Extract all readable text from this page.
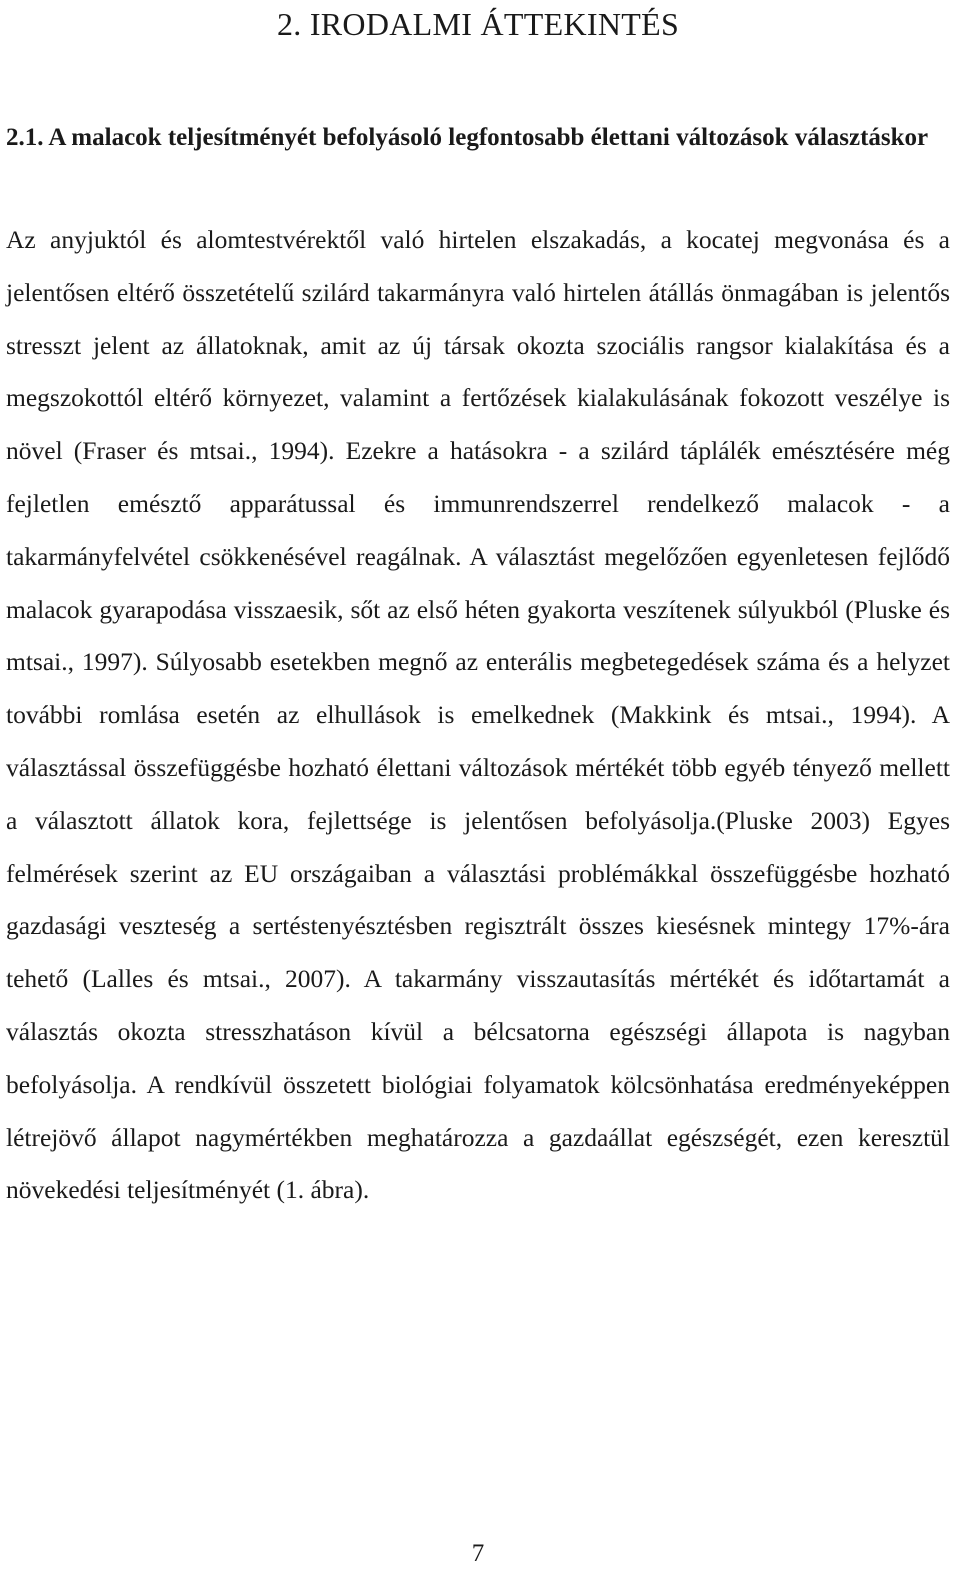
2. IRODALMI ÁTTEKINTÉS
2.1. A malacok teljesítményét befolyásoló legfontosabb élettani változások választáskor

Az anyjuktól és alomtestvérektől való hirtelen elszakadás, a kocatej megvonása és a jelentősen eltérő összetételű szilárd takarmányra való hirtelen átállás önmagában is jelentős stresszt jelent az állatoknak, amit az új társak okozta szociális rangsor kialakítása és a megszokottól eltérő környezet, valamint a fertőzések kialakulásának fokozott veszélye is növel (Fraser és mtsai., 1994). Ezekre a hatásokra - a szilárd táplálék emésztésére még fejletlen emésztő apparátussal és immunrendszerrel rendelkező malacok - a takarmányfelvétel csökkenésével reagálnak. A választást megelőzően egyenletesen fejlődő malacok gyarapodása visszaesik, sőt az első héten gyakorta veszítenek súlyukból (Pluske és mtsai., 1997). Súlyosabb esetekben megnő az enterális megbetegedések száma és a helyzet további romlása esetén az elhullások is emelkednek (Makkink és mtsai., 1994). A választással összefüggésbe hozható élettani változások mértékét több egyéb tényező mellett a választott állatok kora, fejlettsége is jelentősen befolyásolja.(Pluske 2003) Egyes felmérések szerint az EU országaiban a választási problémákkal összefüggésbe hozható gazdasági veszteség a sertéstenyésztésben regisztrált összes kiesésnek mintegy 17%-ára tehető (Lalles és mtsai., 2007). A takarmány visszautasítás mértékét és időtartamát a választás okozta stresszhatáson kívül a bélcsatorna egészségi állapota is nagyban befolyásolja. A rendkívül összetett biológiai folyamatok kölcsönhatása eredményeképpen létrejövő állapot nagymértékben meghatározza a gazdaállat egészségét, ezen keresztül növekedési teljesítményét (1. ábra).

7
